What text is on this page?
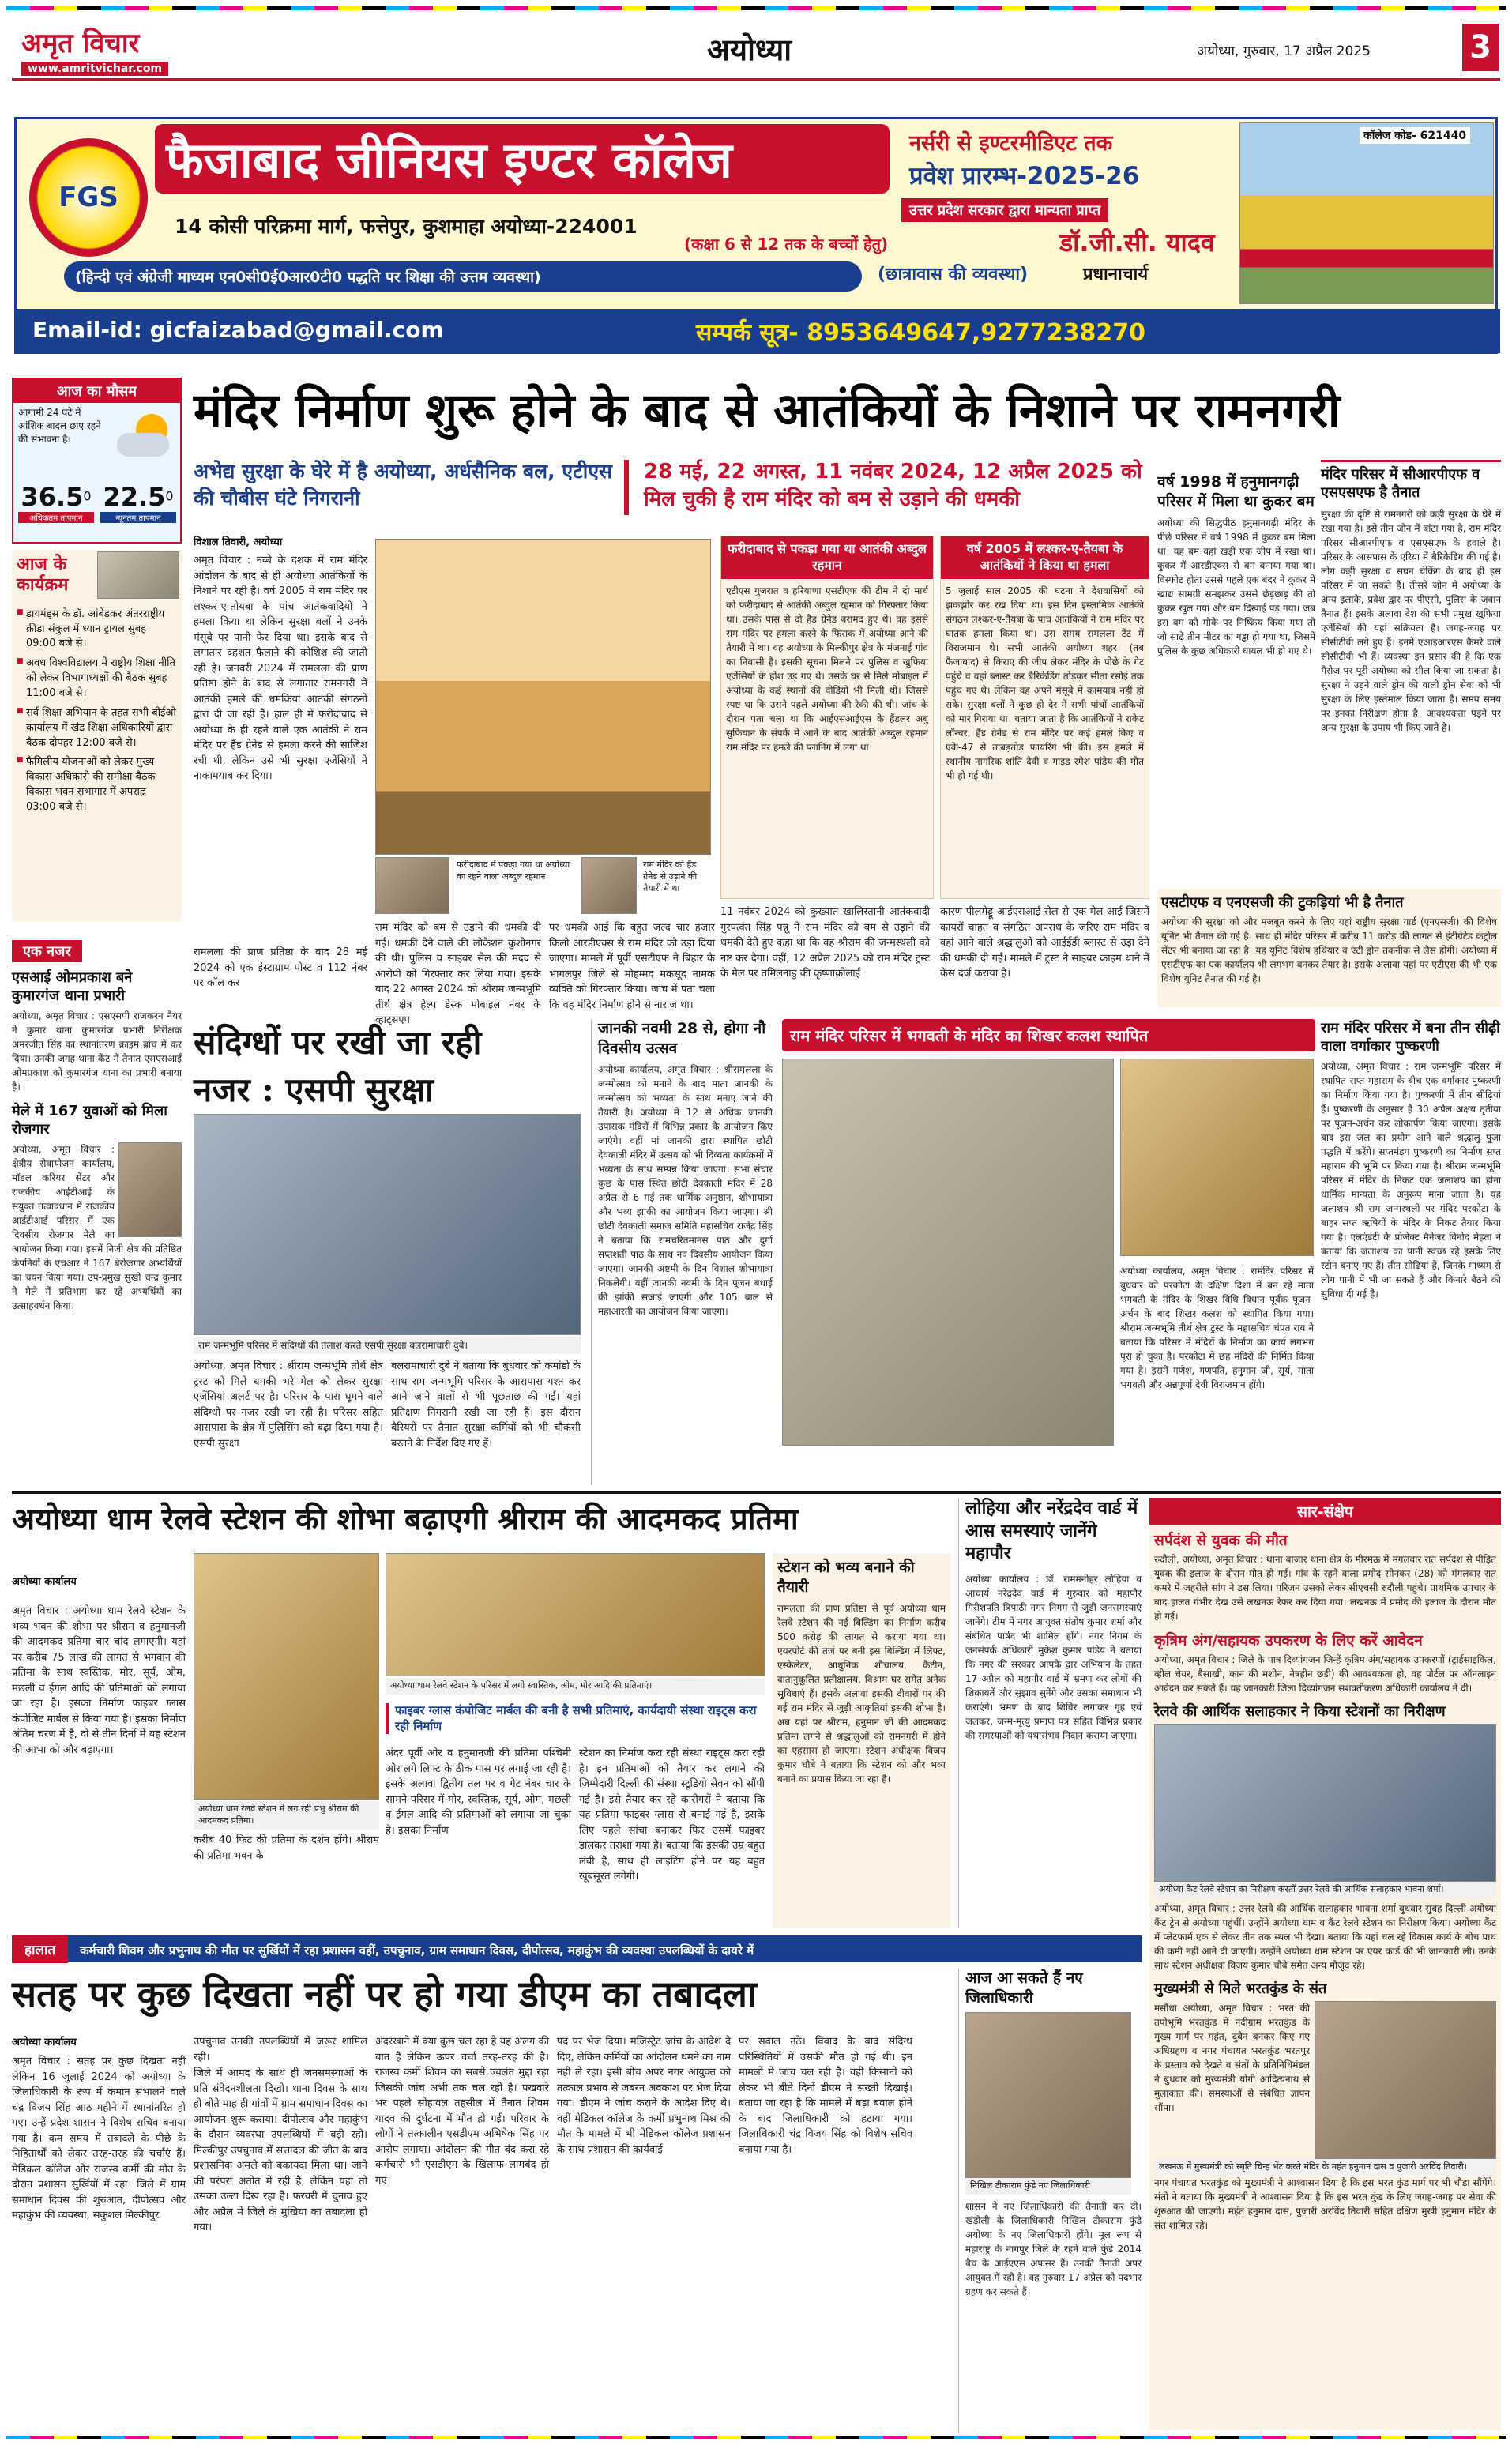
अमृत विचार
www.amritvichar.com
अयोध्या	अयोध्या, गुरुवार, 17 अप्रैल 2025	3
FGS
फैजाबाद जीनियस इण्टर कॉलेज
14 कोसी परिक्रमा मार्ग, फत्तेपुर, कुशमाहा अयोध्या-224001
(हिन्दी एवं अंग्रेजी माध्यम एन0सी0ई0आर0टी0 पद्धति पर शिक्षा की उत्तम व्यवस्था)
Email-id: gicfaizabad@gmail.com
नर्सरी से इण्टरमीडिएट तक
प्रवेश प्रारम्भ-2025-26
उत्तर प्रदेश सरकार द्वारा मान्यता प्राप्त
(कक्षा 6 से 12 तक के बच्चों हेतु)
(छात्रावास की व्यवस्था)
डॉ.जी.सी. यादव
प्रधानाचार्य
सम्पर्क सूत्र- 8953649647,9277238270
कॉलेज कोड- 621440
आज का मौसम
आगामी 24 घंटे में आंशिक बादल छाए रहने की संभावना है।
36.5$^0$
अधिकतम तापमान
22.5$^0$
न्यूनतम तापमान
आज के कार्यक्रम
■ डायमंड्स के डॉ. आंबेडकर अंतरराष्ट्रीय क्रीडा संकुल में ध्यान ट्रायल सुबह 09:00 बजे से।
■ अवध विश्वविद्यालय में राष्ट्रीय शिक्षा नीति को लेकर विभागाध्यक्षों की बैठक सुबह 11:00 बजे से।
■ सर्व शिक्षा अभियान के तहत सभी बीईओ कार्यालय में खंड शिक्षा अधिकारियों द्वारा बैठक दोपहर 12:00 बजे से।
■ फैमिलीय योजनाओं को लेकर मुख्य विकास अधिकारी की समीक्षा बैठक विकास भवन सभागार में अपराह्न 03:00 बजे से।
एक नजर
एसआई ओमप्रकाश बने कुमारगंज थाना प्रभारी
अयोध्या, अमृत विचार : एसएसपी राजकरन नैयर ने कुमार थाना कुमारगंज प्रभारी निरीक्षक अमरजीत सिंह का स्थानांतरण क्राइम ब्रांच में कर दिया। उनकी जगह थाना कैंट में तैनात एसएसआई ओमप्रकाश को कुमारगंज थाना का प्रभारी बनाया है।
मेले में 167 युवाओं को मिला रोजगार
अयोध्या, अमृत विचार : क्षेत्रीय सेवायोजन कार्यालय, मॉडल करियर सेंटर और राजकीय आईटीआई के संयुक्त तत्वावधान में राजकीय आईटीआई परिसर में एक दिवसीय रोजगार मेले का आयोजन किया गया। इसमें निजी क्षेत्र की प्रतिष्ठित कंपनियों के एचआर ने 167 बेरोजगार अभ्यर्थियों का चयन किया गया। उप-प्रमुख सुखी चन्द्र कुमार ने मेले में प्रतिभाग कर रहे अभ्यर्थियों का उत्साहवर्धन किया।
मंदिर निर्माण शुरू होने के बाद से आतंकियों के निशाने पर रामनगरी
अभेद्य सुरक्षा के घेरे में है अयोध्या, अर्धसैनिक बल, एटीएस की चौबीस घंटे निगरानी
28 मई, 22 अगस्त, 11 नवंबर 2024, 12 अप्रैल 2025 को मिल चुकी है राम मंदिर को बम से उड़ाने की धमकी
विशाल तिवारी, अयोध्या
अमृत विचार : नब्बे के दशक में राम मंदिर आंदोलन के बाद से ही अयोध्या आतंकियों के निशाने पर रही है। वर्ष 2005 में राम मंदिर पर लश्कर-ए-तोयबा के पांच आतंकवादियों ने हमला किया था लेकिन सुरक्षा बलों ने उनके मंसूबे पर पानी फेर दिया था। इसके बाद से लगातार दहशत फैलाने की कोशिश की जाती रही है। जनवरी 2024 में रामलला की प्राण प्रतिष्ठा होने के बाद से लगातार रामनगरी में आतंकी हमले की धमकियां आतंकी संगठनों द्वारा दी जा रही हैं। हाल ही में फरीदाबाद से अयोध्या के ही रहने वाले एक आतंकी ने राम मंदिर पर हैंड ग्रेनेड से हमला करने की साजिश रची थी, लेकिन उसे भी सुरक्षा एजेंसियों ने नाकामयाब कर दिया।
रामलला की प्राण प्रतिष्ठा के बाद 28 मई 2024 को एक इंस्टाग्राम पोस्ट व 112 नंबर पर कॉल कर
फरीदाबाद में पकड़ा गया था अयोध्या का रहने वाला अब्दुल रहमान
राम मंदिर को हैंड ग्रेनेड से उड़ाने की तैयारी में था
राम मंदिर को बम से उड़ाने की धमकी दी गई। धमकी देने वाले की लोकेशन कुशीनगर की थी। पुलिस व साइबर सेल की मदद से आरोपी को गिरफ्तार कर लिया गया। इसके बाद 22 अगस्त 2024 को श्रीराम जन्मभूमि तीर्थ क्षेत्र हेल्प डेस्क मोबाइल नंबर के व्हाट्सएप
पर धमकी आई कि बहुत जल्द चार हजार किलो आरडीएक्स से राम मंदिर को उड़ा दिया जाएगा। मामले में पूर्वी एसटीएफ ने बिहार के भागलपुर जिले से मोहम्मद मकसूद नामक व्यक्ति को गिरफ्तार किया। जांच में पता चला कि वह मंदिर निर्माण होने से नाराज था।
फरीदाबाद से पकड़ा गया था आतंकी अब्दुल रहमान
एटीएस गुजरात व हरियाणा एसटीएफ की टीम ने दो मार्च को फरीदाबाद से आतंकी अब्दुल रहमान को गिरफ्तार किया था। उसके पास से दो हैंड ग्रेनेड बरामद हुए थे। वह इससे राम मंदिर पर हमला करने के फिराक में अयोध्या आने की तैयारी में था। वह अयोध्या के मिल्कीपुर क्षेत्र के मंजनाई गांव का निवासी है। इसकी सूचना मिलने पर पुलिस व खुफिया एजेंसियों के होश उड़ गए थे। उसके घर से मिले मोबाइल में अयोध्या के कई स्थानों की वीडियो भी मिली थी। जिससे स्पष्ट था कि उसने पहले अयोध्या की रेकी की थी। जांच के दौरान पता चला था कि आईएसआईएस के हैंडलर अबु सुफियान के संपर्क में आने के बाद आतंकी अब्दुल रहमान राम मंदिर पर हमले की प्लानिंग में लगा था।
वर्ष 2005 में लश्कर-ए-तैयबा के आतंकियों ने किया था हमला
5 जुलाई साल 2005 की घटना ने देशवासियों को झकझोर कर रख दिया था। इस दिन इस्लामिक आतंकी संगठन लश्कर-ए-तैयबा के पांच आतंकियों ने राम मंदिर पर घातक हमला किया था। उस समय रामलला टेंट में विराजमान थे। सभी आतंकी अयोध्या शहर। (तब फैजाबाद) से किराए की जीप लेकर मंदिर के पीछे के गेट पहुंचे व वहां ब्लास्ट कर बैरिकेडिंग तोड़कर सीता रसोई तक पहुंच गए थे। लेकिन वह अपने मंसूबे में कामयाब नहीं हो सके। सुरक्षा बलों ने कुछ ही देर में सभी पांचों आतंकियों को मार गिराया था। बताया जाता है कि आतंकियों ने राकेट लॉन्चर, हैंड ग्रेनेड से राम मंदिर पर कई हमले किए व एके-47 से ताबड़तोड़ फायरिंग भी की। इस हमले में स्थानीय नागरिक शांति देवी व गाइड रमेश पांडेय की मौत भी हो गई थी।
11 नवंबर 2024 को कुख्यात खालिस्तानी आतंकवादी गुरपत्वंत सिंह पन्नू ने राम मंदिर को बम से उड़ाने की धमकी देते हुए कहा था कि वह श्रीराम की जन्मस्थली को नष्ट कर देगा। वहीं, 12 अप्रैल 2025 को राम मंदिर ट्रस्ट के मेल पर तमिलनाडु की कृष्णाकोलाई
कारण पीलमेड्डू आईएसआई सेल से एक मेल आई जिसमें कायरों चाहत व संगठित अपराध के जरिए राम मंदिर व वहां आने वाले श्रद्धालुओं को आईईडी ब्लास्ट से उड़ा देने की धमकी दी गई। मामले में ट्रस्ट ने साइबर क्राइम थाने में केस दर्ज कराया है।
वर्ष 1998 में हनुमानगढ़ी परिसर में मिला था कुकर बम
अयोध्या की सिद्धपीठ हनुमानगढ़ी मंदिर के पीछे परिसर में वर्ष 1998 में कुकर बम मिला था। यह बम वहां खड़ी एक जीप में रखा था। कुकर में आरडीएक्स से बम बनाया गया था। विस्फोट होता उससे पहले एक बंदर ने कुकर में खाद्य सामग्री समझकर उससे छेड़छाड़ की तो कुकर खुल गया और बम दिखाई पड़ गया। जब इस बम को मौके पर निष्क्रिय किया गया तो जो साढ़े तीन मीटर का गड्ढा हो गया था, जिसमें पुलिस के कुछ अधिकारी घायल भी हो गए थे।
मंदिर परिसर में सीआरपीएफ व एसएसएफ है तैनात
सुरक्षा की दृष्टि से रामनगरी को कड़ी सुरक्षा के घेरे में रखा गया है। इसे तीन जोन में बांटा गया है, राम मंदिर परिसर सीआरपीएफ व एसएसएफ के हवाले है। परिसर के आसपास के एरिया में बैरिकेडिंग की गई है। लोग कड़ी सुरक्षा व सघन चेकिंग के बाद ही इस परिसर में जा सकते हैं। तीसरे जोन में अयोध्या के अन्य इलाके, प्रवेश द्वार पर पीएसी, पुलिस के जवान तैनात हैं। इसके अलावा देश की सभी प्रमुख खुफिया एजेंसियों की यहां सक्रियता है। जगह-जगह पर सीसीटीवी लगे हुए हैं। इनमें एआइआरएस कैमरे वाले सीसीटीवी भी हैं। व्यवस्था इन प्रसार की है कि एक मैसेज पर पूरी अयोध्या को सील किया जा सकता है। सुरक्षा ने उड़ने वाले ड्रोन की वाली ड्रोन सेवा को भी सुरक्षा के लिए इस्तेमाल किया जाता है। समय समय पर इनका निरीक्षण होता है। आवश्यकता पड़ने पर अन्य सुरक्षा के उपाय भी किए जाते हैं।
एसटीएफ व एनएसजी की टुकड़ियां भी है तैनात
अयोध्या की सुरक्षा को और मजबूत करने के लिए यहां राष्ट्रीय सुरक्षा गार्ड (एनएसजी) की विशेष यूनिट भी तैनात की गई है। साथ ही मंदिर परिसर में करीब 11 करोड़ की लागत से इंटीग्रेटेड कंट्रोल सेंटर भी बनाया जा रहा है। यह यूनिट विशेष हथियार व एंटी ड्रोन तकनीक से लैस होगी। अयोध्या में एसटीएफ का एक कार्यालय भी लगभग बनकर तैयार है। इसके अलावा यहां पर एटीएस की भी एक विशेष यूनिट तैनात की गई है।
संदिग्धों पर रखी जा रही
नजर : एसपी सुरक्षा
राम जन्मभूमि परिसर में संदिग्धों की तलाश करते एसपी सुरक्षा बलरामाचारी दुबे।
अयोध्या, अमृत विचार : श्रीराम जन्मभूमि तीर्थ क्षेत्र ट्रस्ट को मिले धमकी भरे मेल को लेकर सुरक्षा एजेंसियां अलर्ट पर है। परिसर के पास घूमने वाले संदिग्धों पर नजर रखी जा रही है। परिसर सहित आसपास के क्षेत्र में पुलिसिंग को बढ़ा दिया गया है। एसपी सुरक्षा
बलरामाचारी दुबे ने बताया कि बुधवार को कमांडो के साथ राम जन्मभूमि परिसर के आसपास गश्त कर आने जाने वालों से भी पूछताछ की गई। यहां प्रतिक्षण निगरानी रखी जा रही है। इस दौरान बैरियरों पर तैनात सुरक्षा कर्मियों को भी चौकसी बरतने के निर्देश दिए गए हैं।
जानकी नवमी 28 से, होगा नौ दिवसीय उत्सव
अयोध्या कार्यालय, अमृत विचार : श्रीरामलला के जन्मोत्सव को मनाने के बाद माता जानकी के जन्मोत्सव को भव्यता के साथ मनाए जाने की तैयारी है। अयोध्या में 12 से अधिक जानकी उपासक मंदिरों में विभिन्न प्रकार के आयोजन किए जाएंगे। वहीं मां जानकी द्वारा स्थापित छोटी देवकाली मंदिर में उत्सव को भी दिव्यता कार्यक्रमों में भव्यता के साथ सम्पन्न किया जाएगा। सभा संचार कुछ के पास स्थित छोटी देवकाली मंदिर में 28 अप्रैल से 6 मई तक धार्मिक अनुष्ठान, शोभायात्रा और भव्य झांकी का आयोजन किया जाएगा। श्री छोटी देवकाली समाज समिति महासचिव राजेंद्र सिंह ने बताया कि रामचरितमानस पाठ और दुर्गा सप्तशती पाठ के साथ नव दिवसीय आयोजन किया जाएगा। जानकी अष्टमी के दिन विशाल शोभायात्रा निकलेगी। वहीं जानकी नवमी के दिन पूजन बधाई की झांकी सजाई जाएगी और 105 बाल से महाआरती का आयोजन किया जाएगा।
राम मंदिर परिसर में भगवती के मंदिर का शिखर कलश स्थापित
अयोध्या कार्यालय, अमृत विचार : रामंदिर परिसर में बुधवार को परकोटा के दक्षिण दिशा में बन रहे माता भगवती के मंदिर के शिखर विधि विधान पूर्वक पूजन-अर्चन के बाद शिखर कलश को स्थापित किया गया। श्रीराम जन्मभूमि तीर्थ क्षेत्र ट्रस्ट के महासचिव चंपत राय ने बताया कि परिसर में मंदिरों के निर्माण का कार्य लगभग पूरा हो चुका है। परकोटा में छह मंदिरों की निर्मित किया गया है। इसमें गणेश, गणपति, हनुमान जी, सूर्य, माता भगवती और अन्नपूर्णा देवी विराजमान होंगे।
राम मंदिर परिसर में बना तीन सीढ़ी वाला वर्गाकार पुष्करणी
अयोध्या, अमृत विचार : राम जन्मभूमि परिसर में स्थापित सप्त महाराम के बीच एक वर्गाकार पुष्करणी का निर्माण किया गया है। पुष्करणी में तीन सीढ़ियां हैं। पुष्करणी के अनुसार है 30 अप्रैल अक्षय तृतीया पर पूजन-अर्चन कर लोकार्पण किया जाएगा। इसके बाद इस जल का प्रयोग आने वाले श्रद्धालु पूजा पद्धति में करेंगे। सप्तमंडप पुष्करणी का निर्माण सप्त महाराम की भूमि पर किया गया है। श्रीराम जन्मभूमि परिसर में मंदिर के निकट एक जलाशय का होना धार्मिक मान्यता के अनुरूप माना जाता है। यह जलाशय श्री राम जन्मस्थली पर मंदिर परकोटा के बाहर सप्त ऋषियों के मंदिर के निकट तैयार किया गया है। एलएंडटी के प्रोजेक्ट मैनेजर विनोद मेहता ने बताया कि जलाशय का पानी स्वच्छ रहे इसके लिए स्टोन बनाए गए हैं। तीन सीढ़ियां हैं, जिनके माध्यम से लोग पानी में भी जा सकते हैं और किनारे बैठने की सुविधा दी गई है।
अयोध्या धाम रेलवे स्टेशन की शोभा बढ़ाएगी श्रीराम की आदमकद प्रतिमा
अयोध्या कार्यालय
अमृत विचार : अयोध्या धाम रेलवे स्टेशन के भव्य भवन की शोभा पर श्रीराम व हनुमानजी की आदमकद प्रतिमा चार चांद लगाएगी। यहां पर करीब 75 लाख की लागत से भगवान की प्रतिमा के साथ स्वस्तिक, मोर, सूर्य, ओम, मछली व ईगल आदि की प्रतिमाओं को लगाया जा रहा है। इसका निर्माण फाइबर ग्लास कंपोजिट मार्बल से किया गया है। इसका निर्माण अंतिम चरण में है, दो से तीन दिनों में यह स्टेशन की आभा को और बढ़ाएगा।
अयोध्या धाम रेलवे स्टेशन के परिसर में लगी स्वास्तिक, ओम, मोर आदि की प्रतिमाएं।
फाइबर ग्लास कंपोजिट मार्बल की बनी है सभी प्रतिमाएं, कार्यदायी संस्था राइट्स करा रही निर्माण
अयोध्या धाम रेलवे स्टेशन में लग रही प्रभु श्रीराम की आदमकद प्रतिमा।
करीब 40 फिट की प्रतिमा के दर्शन होंगे। श्रीराम की प्रतिमा भवन के
अंदर पूर्वी ओर व हनुमानजी की प्रतिमा पश्चिमी ओर लगे लिफ्ट के ठीक पास पर लगाई जा रही है। इसके अलावा द्वितीय तल पर व गेट नंबर चार के सामने परिसर में मोर, स्वस्तिक, सूर्य, ओम, मछली व ईगल आदि की प्रतिमाओं को लगाया जा चुका है। इसका निर्माण
स्टेशन का निर्माण करा रही संस्था राइट्स करा रही है। इन प्रतिमाओं को तैयार कर लगाने की जिम्मेदारी दिल्ली की संस्था स्टूडियो सेवन को सौंपी गई है। इसे तैयार कर रहे कारीगरों ने बताया कि यह प्रतिमा फाइबर ग्लास से बनाई गई है, इसके लिए पहले सांचा बनाकर फिर उसमें फाइबर डालकर तराशा गया है। बताया कि इसकी उम्र बहुत लंबी है, साथ ही लाइटिंग होने पर यह बहुत खूबसूरत लगेगी।
स्टेशन को भव्य बनाने की तैयारी
रामलला की प्राण प्रतिष्ठा से पूर्व अयोध्या धाम रेलवे स्टेशन की नई बिल्डिंग का निर्माण करीब 500 करोड़ की लागत से कराया गया था। एयरपोर्ट की तर्ज पर बनी इस बिल्डिंग में लिफ्ट, एस्केलेटर, आधुनिक शौचालय, कैटीन, वातानुकूलित प्रतीक्षालय, विश्राम घर समेत अनेक सुविधाएं हैं। इसके अलावा इसकी दीवारों पर की गई राम मंदिर से जुड़ी आकृतियां इसकी शोभा है। अब यहां पर श्रीराम, हनुमान जी की आदमकद प्रतिमा लगने से श्रद्धालुओं को रामनगरी में होने का एहसास हो जाएगा। स्टेशन अधीक्षक विजय कुमार चौबे ने बताया कि स्टेशन को और भव्य बनाने का प्रयास किया जा रहा है।
लोहिया और नरेंद्रदेव वार्ड में आस समस्याएं जानेंगे महापौर
अयोध्या कार्यालय : डॉ. राममनोहर लोहिया व आचार्य नरेंद्रदेव वार्ड में गुरुवार को महापौर गिरीशपति त्रिपाठी नगर निगम से जुड़ी जनसमस्याएं जानेंगे। टीम में नगर आयुक्त संतोष कुमार शर्मा और संबंधित पार्षद भी शामिल होंगे। नगर निगम के जनसंपर्क अधिकारी मुकेश कुमार पांडेय ने बताया कि नगर की सरकार आपके द्वार अभियान के तहत 17 अप्रैल को महापौर वार्ड में भ्रमण कर लोगों की शिकायतें और सुझाव सुनेंगे और उसका समाधान भी कराएंगे। भ्रमण के बाद शिविर लगाकर गृह एवं जलकर, जन्म-मृत्यु प्रमाण पत्र सहित विभिन्न प्रकार की समस्याओं को यथासंभव निदान कराया जाएगा।
सार-संक्षेप
सर्पदंश से युवक की मौत
रुदौली, अयोध्या, अमृत विचार : थाना बाजार थाना क्षेत्र के मीरमऊ में मंगलवार रात सर्पदंश से पीड़ित युवक की इलाज के दौरान मौत हो गई। गांव के रहने वाला प्रमोद सोनकर (28) को मंगलवार रात कमरे में जहरीले सांप ने डस लिया। परिजन उसको लेकर सीएचसी रुदौली पहुंचे। प्राथमिक उपचार के बाद हालत गंभीर देख उसे लखनऊ रेफर कर दिया गया। लखनऊ में प्रमोद की इलाज के दौरान मौत हो गई।
कृत्रिम अंग/सहायक उपकरण के लिए करें आवेदन
अयोध्या, अमृत विचार : जिले के पात्र दिव्यांगजन जिन्हें कृत्रिम अंग/सहायक उपकरणों (ट्राईसाइकिल, व्हील चेयर, बैसाखी, कान की मशीन, नेत्रहीन छड़ी) की आवश्यकता हो, वह पोर्टल पर ऑनलाइन आवेदन कर सकते हैं। यह जानकारी जिला दिव्यांगजन सशक्तीकरण अधिकारी कार्यालय ने दी।
रेलवे की आर्थिक सलाहकार ने किया स्टेशनों का निरीक्षण
अयोध्या कैंट रेलवे स्टेशन का निरीक्षण करतीं उत्तर रेलवे की आर्थिक सलाहकार भावना शर्मा।
अयोध्या, अमृत विचार : उत्तर रेलवे की आर्थिक सलाहकार भावना शर्मा बुधवार सुबह दिल्ली-अयोध्या कैंट ट्रेन से अयोध्या पहुंचीं। उन्होंने अयोध्या धाम व कैंट रेलवे स्टेशन का निरीक्षण किया। अयोध्या कैंट में प्लेटफार्म एक से लेकर तीन तक स्थल भी देखा। बताया कि यहां चल रहे विकास कार्य के बीच पाथ की कमी नहीं आने दी जाएगी। उन्होंने अयोध्या धाम स्टेशन पर एयर कार्ड की भी जानकारी ली। उनके साथ स्टेशन अधीक्षक विजय कुमार चौबे समेत अन्य मौजूद रहे।
मुख्यमंत्री से मिले भरतकुंड के संत
मसौधा अयोध्या, अमृत विचार : भरत की तपोभूमि भरतकुंड में नंदीग्राम भरतकुंड के मुख्य मार्ग पर महंत, दुबैन बनकर किए गए अधिग्रहण व नगर पंचायत भरतकुंड भरतपुर के प्रस्ताव को देखते व संतों के प्रतिनिधिमंडल ने बुधवार को मुख्यमंत्री योगी आदित्यनाथ से मुलाकात की। समस्याओं से संबंधित ज्ञापन सौंपा।
लखनऊ में मुख्यमंत्री को स्मृति चिन्ह भेंट करते मंदिर के महंत हनुमान दास व पुजारी अरविंद तिवारी।
नगर पंचायत भरतकुंड को मुख्यमंत्री ने आश्वासन दिया है कि इस भरत कुंड मार्ग पर भी चौड़ा सौंपेंगे। संतों ने बताया कि मुख्यमंत्री ने आश्वासन दिया है कि इस भरत कुंड के लिए जगह-जगह पर सेवा की शुरुआत की जाएगी। महंत हनुमान दास, पुजारी अरविंद तिवारी सहित दक्षिण मुखी हनुमान मंदिर के संत शामिल रहे।
हालात कर्मचारी शिवम और प्रभुनाथ की मौत पर सुर्खियों में रहा प्रशासन वहीं, उपचुनाव, ग्राम समाधान दिवस, दीपोत्सव, महाकुंभ की व्यवस्था उपलब्धियों के दायरे में
सतह पर कुछ दिखता नहीं पर हो गया डीएम का तबादला
अयोध्या कार्यालय
अमृत विचार : सतह पर कुछ दिखता नहीं लेकिन 16 जुलाई 2024 को अयोध्या के जिलाधिकारी के रूप में कमान संभालने वाले चंद्र विजय सिंह आठ महीने में स्थानांतरित हो गए। उन्हें प्रदेश शासन ने विशेष सचिव बनाया गया है। कम समय में तबादले के पीछे के निहितार्थों को लेकर तरह-तरह की चर्चाएं हैं। मेडिकल कॉलेज और राजस्व कर्मी की मौत के दौरान प्रशासन सुर्खियों में रहा। जिले में ग्राम समाधान दिवस की शुरुआत, दीपोत्सव और महाकुंभ की व्यवस्था, सकुशल मिल्कीपुर
उपचुनाव उनकी उपलब्धियों में जरूर शामिल रही।
जिले में आमद के साथ ही जनसमस्याओं के प्रति संवेदनशीलता दिखी। थाना दिवस के साथ ही बीते माह ही गांवों में ग्राम समाधान दिवस का आयोजन शुरू कराया। दीपोत्सव और महाकुंभ के दौरान व्यवस्था उपलब्धियों में बड़ी रही। मिल्कीपुर उपचुनाव में सत्तादल की जीत के बाद प्रशासनिक अमले को बकायदा मिला था। जाने की परंपरा अतीत में रही है, लेकिन यहां तो उसका उल्टा दिख रहा है। फरवरी में चुनाव हुए और अप्रैल में जिले के मुखिया का तबादला हो गया।
अंदरखाने में क्या कुछ चल रहा है यह अलग की बात है लेकिन ऊपर चर्चा तरह-तरह की है। राजस्व कर्मी शिवम का सबसे ज्वलंत मुद्दा रहा जिसकी जांच अभी तक चल रही है। पखवारे भर पहले सोहावल तहसील में तैनात शिवम यादव की दुर्घटना में मौत हो गई। परिवार के लोगों ने तत्कालीन एसडीएम अभिषेक सिंह पर आरोप लगाया। आंदोलन की गीत बंद करा रहे कर्मचारी भी एसडीएम के खिलाफ लामबंद हो गए।
पद पर भेज दिया। मजिस्ट्रेट जांच के आदेश दे दिए, लेकिन कर्मियों का आंदोलन थमने का नाम नहीं ले रहा। इसी बीच अपर नगर आयुक्त को तत्काल प्रभाव से जबरन अवकाश पर भेज दिया गया। डीएम ने जांच कराने के आदेश दिए थे। वहीं मेडिकल कॉलेज के कर्मी प्रभुनाथ मिश्र की मौत के मामले में भी मेडिकल कॉलेज प्रशासन के साथ प्रशासन की कार्यवाई
पर सवाल उठे। विवाद के बाद संदिग्ध परिस्थितियों में उसकी मौत हो गई थी। इन मामलों में जांच चल रही है। वहीं किसानों को लेकर भी बीते दिनों डीएम ने सख्ती दिखाई। बताया जा रहा है कि मामले में बड़ा बवाल होने के बाद जिलाधिकारी को हटाया गया। जिलाधिकारी चंद्र विजय सिंह को विशेष सचिव बनाया गया है।
आज आ सकते हैं नए जिलाधिकारी
निखिल टीकाराम फुंडे नए जिलाधिकारी
शासन ने नए जिलाधिकारी की तैनाती कर दी। खंडौली के जिलाधिकारी निखिल टीकाराम फुंडे अयोध्या के नए जिलाधिकारी होंगे। मूल रूप से महाराष्ट्र के नागपुर जिले के रहने वाले फुंडे 2014 बैच के आईएएस अफसर हैं। उनकी तैनाती अपर आयुक्त में रही है। वह गुरुवार 17 अप्रैल को पदभार ग्रहण कर सकते हैं।
